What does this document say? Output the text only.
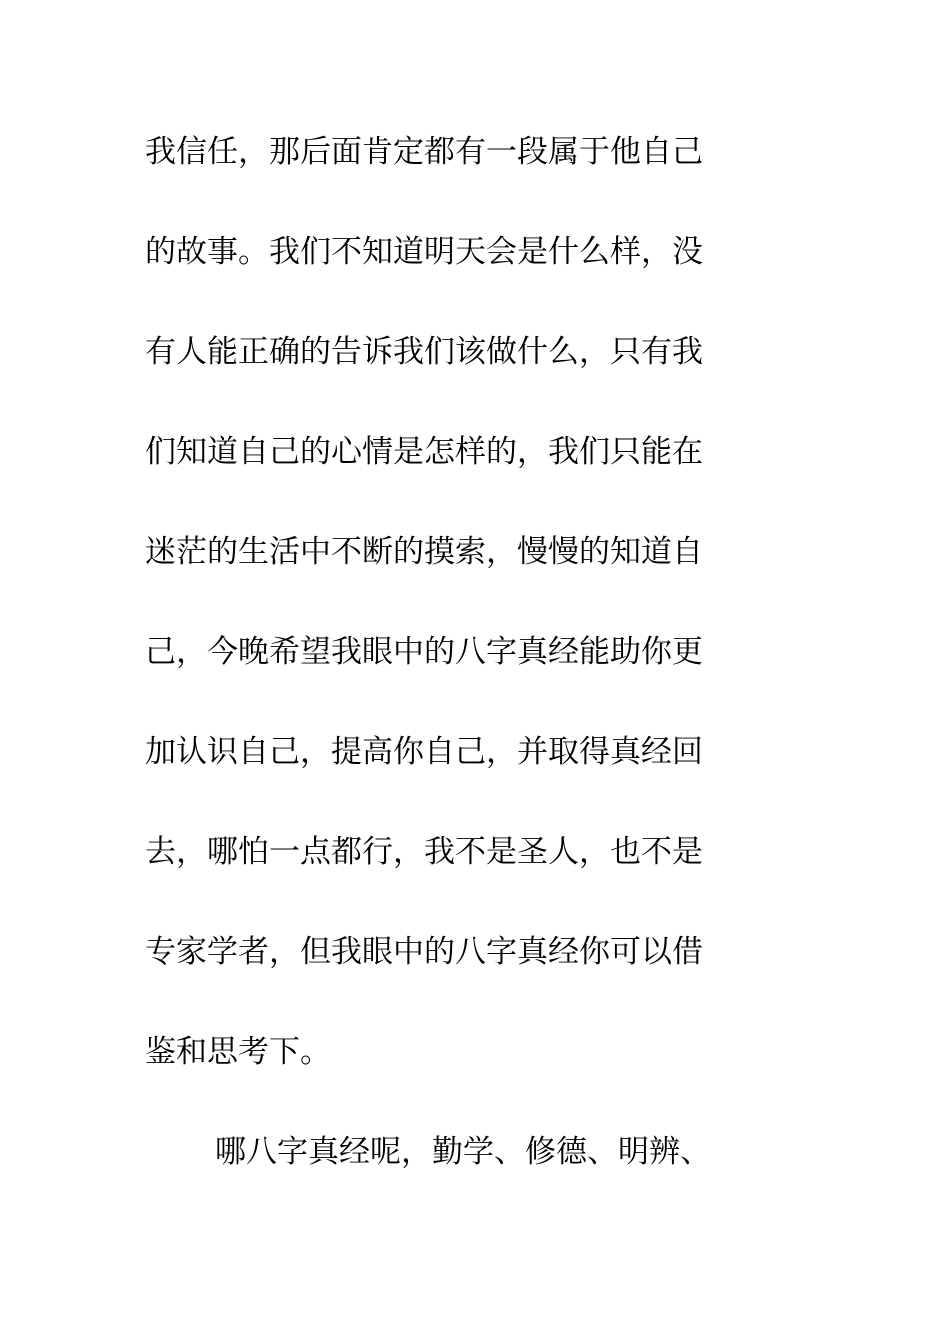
我信任，那后面肯定都有一段属于他自己
的故事。我们不知道明天会是什么样，没
有人能正确的告诉我们该做什么，只有我
们知道自己的心情是怎样的，我们只能在
迷茫的生活中不断的摸索，慢慢的知道自
己，今晚希望我眼中的八字真经能助你更
加认识自己，提高你自己，并取得真经回
去，哪怕一点都行，我不是圣人，也不是
专家学者，但我眼中的八字真经你可以借
鉴和思考下。
哪八字真经呢，勤学、修德、明辨、
